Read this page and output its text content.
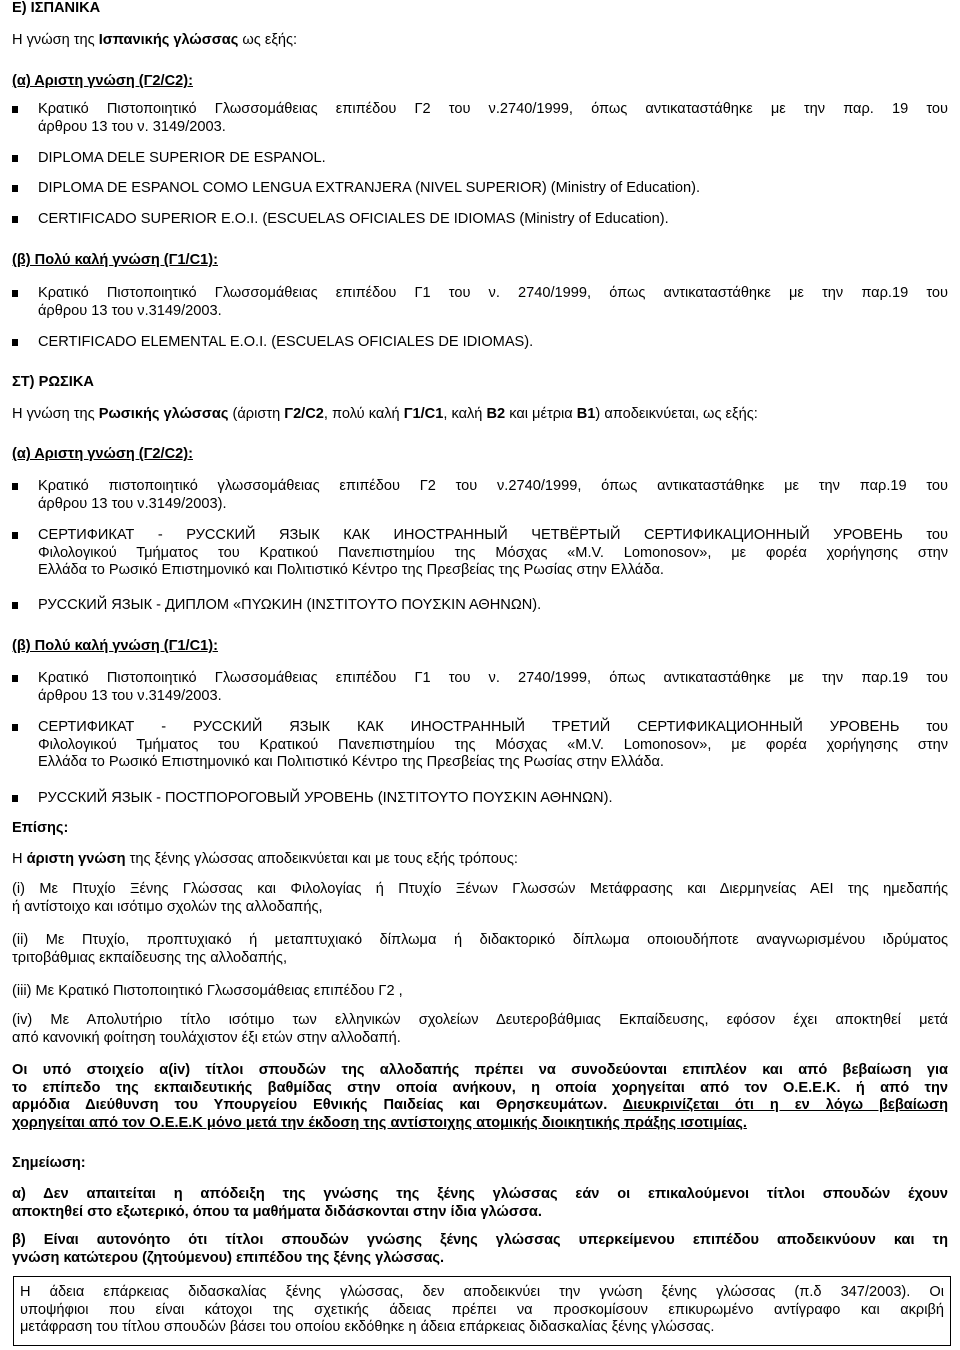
Ε) ΙΣΠΑΝΙΚΑ
Η γνώση της Ισπανικής γλώσσας ως εξής:
(α) Αριστη γνώση (Γ2/C2):
Κρατικό Πιστοποιητικό Γλωσσομάθειας επιπέδου Γ2 του ν.2740/1999, όπως αντικαταστάθηκε με την παρ. 19 του
άρθρου 13 του ν. 3149/2003.
DIPLOMA DELE SUPERIOR DE ESPANOL.
DIPLOMA DE ESPANOL COMO LENGUA EXTRANJERA (NIVEL SUPERIOR) (Ministry of Education).
CERTIFICADO SUPERIOR E.O.I. (ESCUELAS OFICIALES DE IDIOMAS (Ministry of Education).
(β) Πολύ καλή γνώση (Γ1/C1):
Κρατικό Πιστοποιητικό Γλωσσομάθειας επιπέδου Γ1 του ν. 2740/1999, όπως αντικαταστάθηκε με την παρ.19 του
άρθρου 13 του ν.3149/2003.
CERTIFICADO ELEMENTAL E.O.I. (ESCUELAS OFICIALES DE IDIOMAS).
ΣΤ) ΡΩΣΙΚΑ
Η γνώση της Ρωσικής γλώσσας (άριστη Γ2/C2, πολύ καλή Γ1/C1, καλή Β2 και μέτρια Β1) αποδεικνύεται, ως εξής:
(α) Αριστη γνώση (Γ2/C2):
Κρατικό πιστοποιητικό γλωσσομάθειας επιπέδου Γ2 του ν.2740/1999, όπως αντικαταστάθηκε με την παρ.19 του
άρθρου 13 του ν.3149/2003).
СЕРТИФИКАТ - РУССКИЙ ЯЗЫК КАК ИНОСТРАННЫЙ ЧЕТВЁРТЫЙ СЕРТИФИКАЦИОННЫЙ УРОВЕНЬ του
Φιλολογικού Τμήματος του Κρατικού Πανεπιστημίου της Μόσχας «M.V. Lomonosov», με φορέα χορήγησης στην
Ελλάδα το Ρωσικό Επιστημονικό και Πολιτιστικό Κέντρο της Πρεσβείας της Ρωσίας στην Ελλάδα.
РУССКИЙ ЯЗЫК - ДИПЛОМ «ΠΥΩΚИΗ (ΙΝΣΤΙΤΟΥΤΟ ΠΟΥΣΚΙΝ ΑΘΗΝΩΝ).
(β) Πολύ καλή γνώση (Γ1/C1):
Κρατικό Πιστοποιητικό Γλωσσομάθειας επιπέδου Γ1 του ν. 2740/1999, όπως αντικαταστάθηκε με την παρ.19 του
άρθρου 13 του ν.3149/2003.
СЕРТИФИКАТ - РУССКИЙ ЯЗЫК КАК ИНОСТРАННЫЙ ТРЕТИЙ СЕРТИФИКАЦИОННЫЙ УРОВЕНЬ του
Φιλολογικού Τμήματος του Κρατικού Πανεπιστημίου της Μόσχας «M.V. Lomonosov», με φορέα χορήγησης στην
Ελλάδα το Ρωσικό Επιστημονικό και Πολιτιστικό Κέντρο της Πρεσβείας της Ρωσίας στην Ελλάδα.
РУССКИЙ ЯЗЫК - ПОСТПОРОГОВЫЙ УРОВЕНЬ (ΙΝΣΤΙΤΟΥΤΟ ΠΟΥΣΚΙΝ ΑΘΗΝΩΝ).
Επίσης:
Η άριστη γνώση της ξένης γλώσσας αποδεικνύεται και με τους εξής τρόπους:
(i) Με Πτυχίο Ξένης Γλώσσας και Φιλολογίας ή Πτυχίο Ξένων Γλωσσών Μετάφρασης και Διερμηνείας ΑΕΙ της ημεδαπής
ή αντίστοιχο και ισότιμο σχολών της αλλοδαπής,
(ii) Με Πτυχίο, προπτυχιακό ή μεταπτυχιακό δίπλωμα ή διδακτορικό δίπλωμα οποιουδήποτε αναγνωρισμένου ιδρύματος
τριτοβάθμιας εκπαίδευσης της αλλοδαπής,
(iii) Με Κρατικό Πιστοποιητικό Γλωσσομάθειας επιπέδου Γ2 ,
(iv) Με Απολυτήριο τίτλο ισότιμο των ελληνικών σχολείων Δευτεροβάθμιας Εκπαίδευσης, εφόσον έχει αποκτηθεί μετά
από κανονική φοίτηση τουλάχιστον έξι ετών στην αλλοδαπή.
Οι υπό στοιχείο α(iv) τίτλοι σπουδών της αλλοδαπής πρέπει να συνοδεύονται επιπλέον και από βεβαίωση για
το επίπεδο της εκπαιδευτικής βαθμίδας στην οποία ανήκουν, η οποία χορηγείται από τον Ο.Ε.Ε.Κ. ή από την
αρμόδια Διεύθυνση του Υπουργείου Εθνικής Παιδείας και Θρησκευμάτων. Διευκρινίζεται ότι η εν λόγω βεβαίωση
χορηγείται από τον Ο.Ε.Ε.Κ μόνο μετά την έκδοση της αντίστοιχης ατομικής διοικητικής πράξης ισοτιμίας.
Σημείωση:
α) Δεν απαιτείται η απόδειξη της γνώσης της ξένης γλώσσας εάν οι επικαλούμενοι τίτλοι σπουδών έχουν
αποκτηθεί στο εξωτερικό, όπου τα μαθήματα διδάσκονται στην ίδια γλώσσα.
β) Είναι αυτονόητο ότι τίτλοι σπουδών γνώσης ξένης γλώσσας υπερκείμενου επιπέδου αποδεικνύουν και τη
γνώση κατώτερου (ζητούμενου) επιπέδου της ξένης γλώσσας.
Η άδεια επάρκειας διδασκαλίας ξένης γλώσσας, δεν αποδεικνύει την γνώση ξένης γλώσσας (π.δ 347/2003). Οι
υποψήφιοι που είναι κάτοχοι της σχετικής άδειας πρέπει να προσκομίσουν επικυρωμένο αντίγραφο και ακριβή
μετάφραση του τίτλου σπουδών βάσει του οποίου εκδόθηκε η άδεια επάρκειας διδασκαλίας ξένης γλώσσας.
